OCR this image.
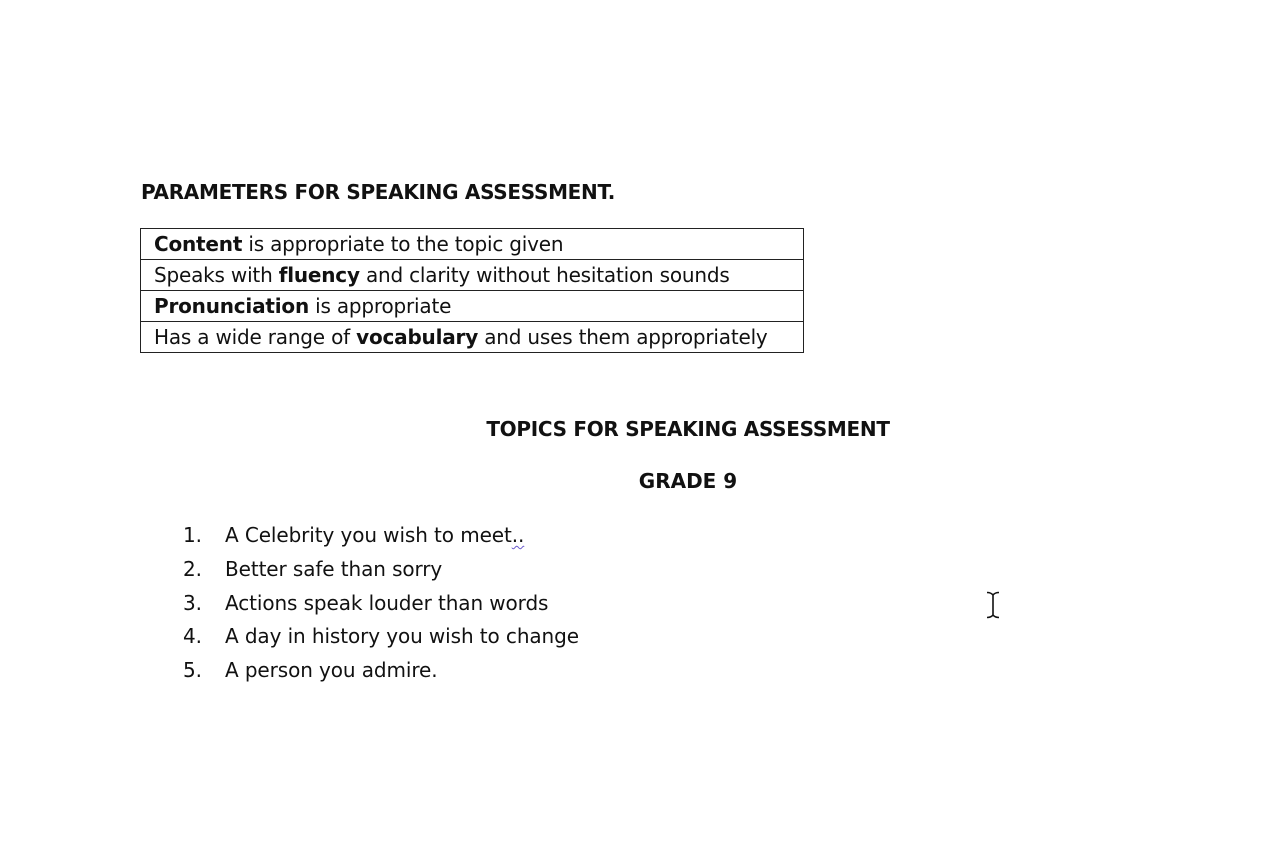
PARAMETERS FOR SPEAKING ASSESSMENT.
Content is appropriate to the topic given
Speaks with fluency and clarity without hesitation sounds
Pronunciation is appropriate
Has a wide range of vocabulary and uses them appropriately
TOPICS FOR SPEAKING ASSESSMENT
GRADE 9
1. A Celebrity you wish to meet..
2. Better safe than sorry
3. Actions speak louder than words
4. A day in history you wish to change
5. A person you admire.
